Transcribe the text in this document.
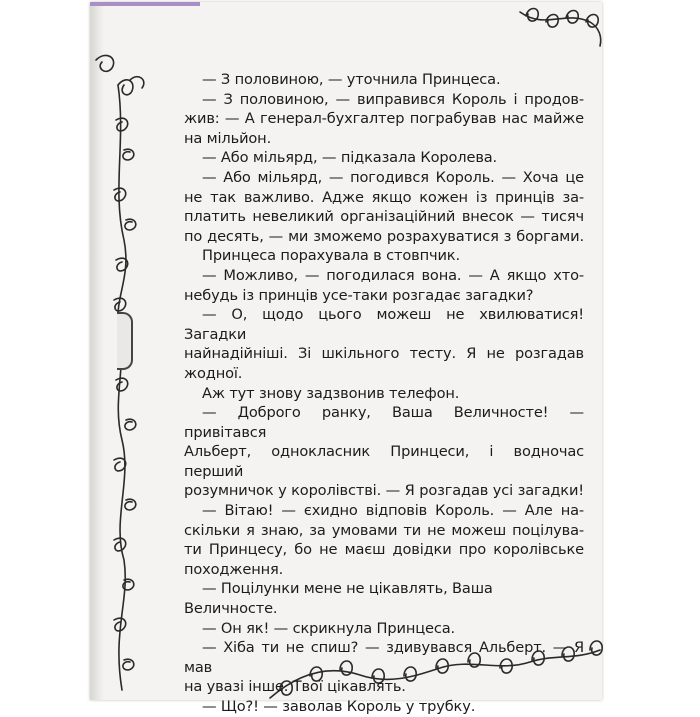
— З половиною, — уточнила Принцеса.

— З половиною, — виправився Король і продов-

жив: — А генерал-бухгалтер пограбував нас майже

на мільйон.

— Або мільярд, — підказала Королева.

— Або мільярд, — погодився Король. — Хоча це

не так важливо. Адже якщо кожен із принців за-

платить невеликий організаційний внесок — тисяч

по десять, — ми зможемо розрахуватися з боргами.

Принцеса порахувала в стовпчик.

— Можливо, — погодилася вона. — А якщо хто-

небудь із принців усе-таки розгадає загадки?

— О, щодо цього можеш не хвилюватися! Загадки

найнадійніші. Зі шкільного тесту. Я не розгадав жодної.

Аж тут знову задзвонив телефон.

— Доброго ранку, Ваша Величносте! — привітався

Альберт, однокласник Принцеси, і водночас перший

розумничок у королівстві. — Я розгадав усі загадки!

— Вітаю! — єхидно відповів Король. — Але на-

скільки я знаю, за умовами ти не можеш поцілува-

ти Принцесу, бо не маєш довідки про королівське

походження.

— Поцілунки мене не цікавлять, Ваша Величносте.

— Он як! — скрикнула Принцеса.

— Хіба ти не спиш? — здивувався Альберт. — Я мав

на увазі інше. Твої цікавлять.

— Що?! — заволав Король у трубку.
